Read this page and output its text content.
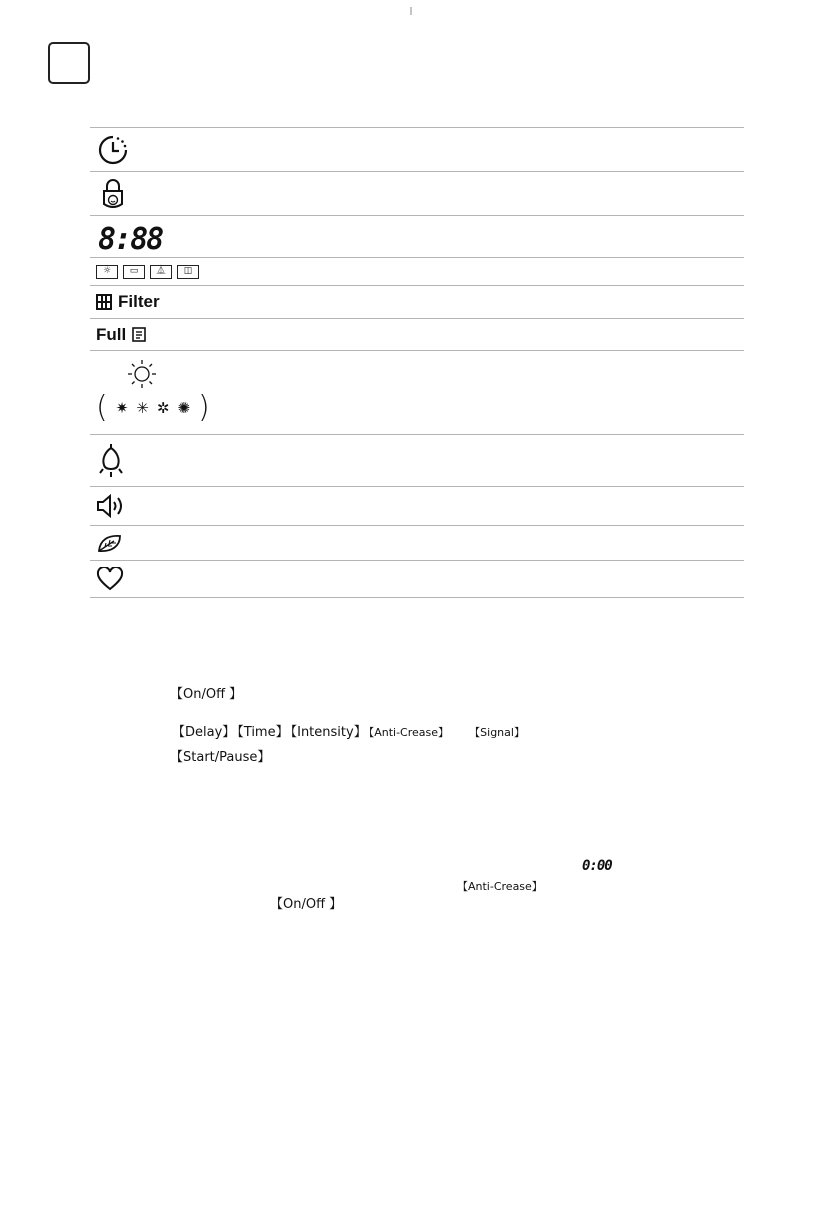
8:88
☼	▭	⏅	◫
Filter
Full
( ✷ ✳ ✲ ✺ )
【On/Off 】
【Delay】 【Time】 【Intensity】 【Anti-Crease】 【Signal】
【Start/Pause】
0:00
【Anti-Crease】
【On/Off 】
